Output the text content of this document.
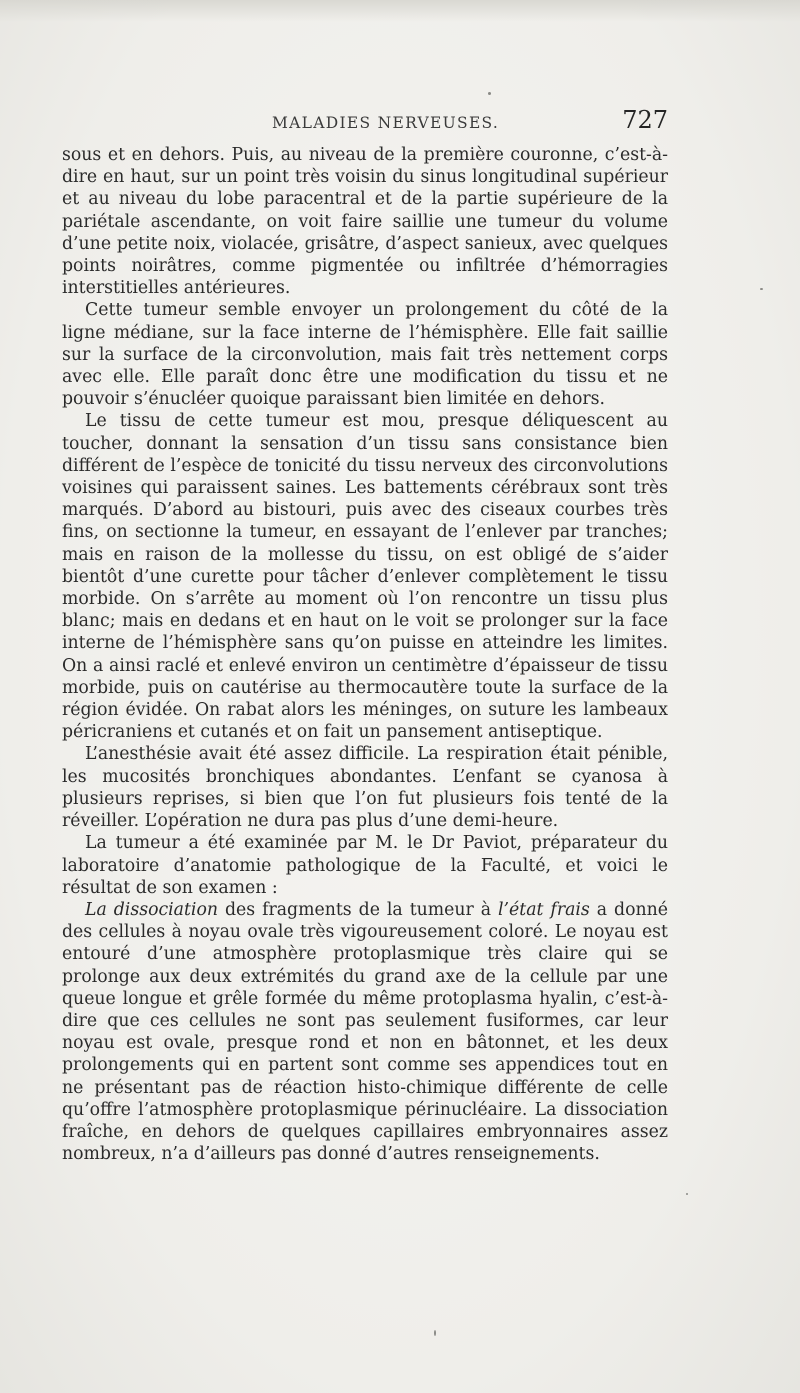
MALADIES NERVEUSES.	727

sous et en dehors. Puis, au niveau de la première couronne, c’est-à-dire en haut, sur un point très voisin du sinus longitudinal supérieur et au niveau du lobe paracentral et de la partie supérieure de la pariétale ascendante, on voit faire saillie une tumeur du volume d’une petite noix, violacée, grisâtre, d’aspect sanieux, avec quelques points noirâtres, comme pigmentée ou infiltrée d’hémorragies interstitielles antérieures.

Cette tumeur semble envoyer un prolongement du côté de la ligne médiane, sur la face interne de l’hémisphère. Elle fait saillie sur la surface de la circonvolution, mais fait très nettement corps avec elle. Elle paraît donc être une modification du tissu et ne pouvoir s’énucléer quoique paraissant bien limitée en dehors.

Le tissu de cette tumeur est mou, presque déliquescent au toucher, donnant la sensation d’un tissu sans consistance bien différent de l’espèce de tonicité du tissu nerveux des circonvolutions voisines qui paraissent saines. Les battements cérébraux sont très marqués. D’abord au bistouri, puis avec des ciseaux courbes très fins, on sectionne la tumeur, en essayant de l’enlever par tranches; mais en raison de la mollesse du tissu, on est obligé de s’aider bientôt d’une curette pour tâcher d’enlever complètement le tissu morbide. On s’arrête au moment où l’on rencontre un tissu plus blanc; mais en dedans et en haut on le voit se prolonger sur la face interne de l’hémisphère sans qu’on puisse en atteindre les limites. On a ainsi raclé et enlevé environ un centimètre d’épaisseur de tissu morbide, puis on cautérise au thermocautère toute la surface de la région évidée. On rabat alors les méninges, on suture les lambeaux péricraniens et cutanés et on fait un pansement antiseptique.

L’anesthésie avait été assez difficile. La respiration était pénible, les mucosités bronchiques abondantes. L’enfant se cyanosa à plusieurs reprises, si bien que l’on fut plusieurs fois tenté de la réveiller. L’opération ne dura pas plus d’une demi-heure.

La tumeur a été examinée par M. le Dr Paviot, préparateur du laboratoire d’anatomie pathologique de la Faculté, et voici le résultat de son examen :

La dissociation des fragments de la tumeur à l’état frais a donné des cellules à noyau ovale très vigoureusement coloré. Le noyau est entouré d’une atmosphère protoplasmique très claire qui se prolonge aux deux extrémités du grand axe de la cellule par une queue longue et grêle formée du même protoplasma hyalin, c’est-à-dire que ces cellules ne sont pas seulement fusiformes, car leur noyau est ovale, presque rond et non en bâtonnet, et les deux prolongements qui en partent sont comme ses appendices tout en ne présentant pas de réaction histo-chimique différente de celle qu’offre l’atmosphère protoplasmique périnucléaire. La dissociation fraîche, en dehors de quelques capillaires embryonnaires assez nombreux, n’a d’ailleurs pas donné d’autres renseignements.
